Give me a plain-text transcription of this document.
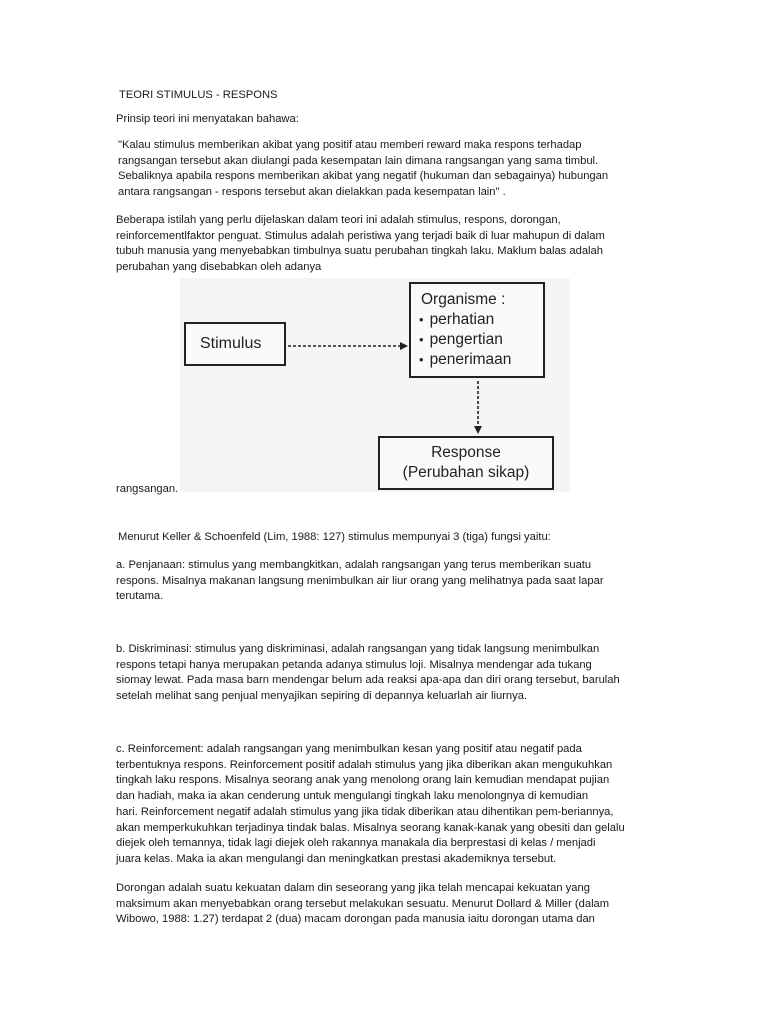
TEORI STIMULUS - RESPONS

Prinsip teori ini menyatakan bahawa:

"Kalau stimulus memberikan akibat yang positif atau memberi reward maka respons terhadap
rangsangan tersebut akan diulangi pada kesempatan lain dimana rangsangan yang sama timbul.
Sebaliknya apabila respons memberikan akibat yang negatif (hukuman dan sebagainya) hubungan
antara rangsangan - respons tersebut akan dielakkan pada kesempatan lain" .

Beberapa istilah yang perlu dijelaskan dalam teori ini adalah stimulus, respons, dorongan,
reinforcementlfaktor penguat. Stimulus adalah peristiwa yang terjadi baik di luar mahupun di dalam
tubuh manusia yang menyebabkan timbulnya suatu perubahan tingkah laku. Maklum balas adalah
perubahan yang disebabkan oleh adanya

Stimulus
Organisme :
• perhatian
• pengertian
• penerimaan
Response
(Perubahan sikap)

rangsangan.

Menurut Keller & Schoenfeld (Lim, 1988: 127) stimulus mempunyai 3 (tiga) fungsi yaitu:

a. Penjanaan: stimulus yang membangkitkan, adalah rangsangan yang terus memberikan suatu
respons. Misalnya makanan langsung menimbulkan air liur orang yang melihatnya pada saat lapar
terutama.

b. Diskriminasi: stimulus yang diskriminasi, adalah rangsangan yang tidak langsung menimbulkan
respons tetapi hanya merupakan petanda adanya stimulus loji. Misalnya mendengar ada tukang
siomay lewat. Pada masa barn mendengar belum ada reaksi apa-apa dan diri orang tersebut, barulah
setelah melihat sang penjual menyajikan sepiring di depannya keluarlah air liurnya.

c. Reinforcement: adalah rangsangan yang menimbulkan kesan yang positif atau negatif pada
terbentuknya respons. Reinforcement positif adalah stimulus yang jika diberikan akan mengukuhkan
tingkah laku respons. Misalnya seorang anak yang menolong orang lain kemudian mendapat pujian
dan hadiah, maka ia akan cenderung untuk mengulangi tingkah laku menolongnya di kemudian
hari. Reinforcement negatif adalah stimulus yang jika tidak diberikan atau dihentikan pem-beriannya,
akan memperkukuhkan terjadinya tindak balas. Misalnya seorang kanak-kanak yang obesiti dan gelalu
diejek oleh temannya, tidak lagi diejek oleh rakannya manakala dia berprestasi di kelas / menjadi
juara kelas. Maka ia akan mengulangi dan meningkatkan prestasi akademiknya tersebut.

Dorongan adalah suatu kekuatan dalam din seseorang yang jika telah mencapai kekuatan yang
maksimum akan menyebabkan orang tersebut melakukan sesuatu. Menurut Dollard & Miller (dalam
Wibowo, 1988: 1.27) terdapat 2 (dua) macam dorongan pada manusia iaitu dorongan utama dan
